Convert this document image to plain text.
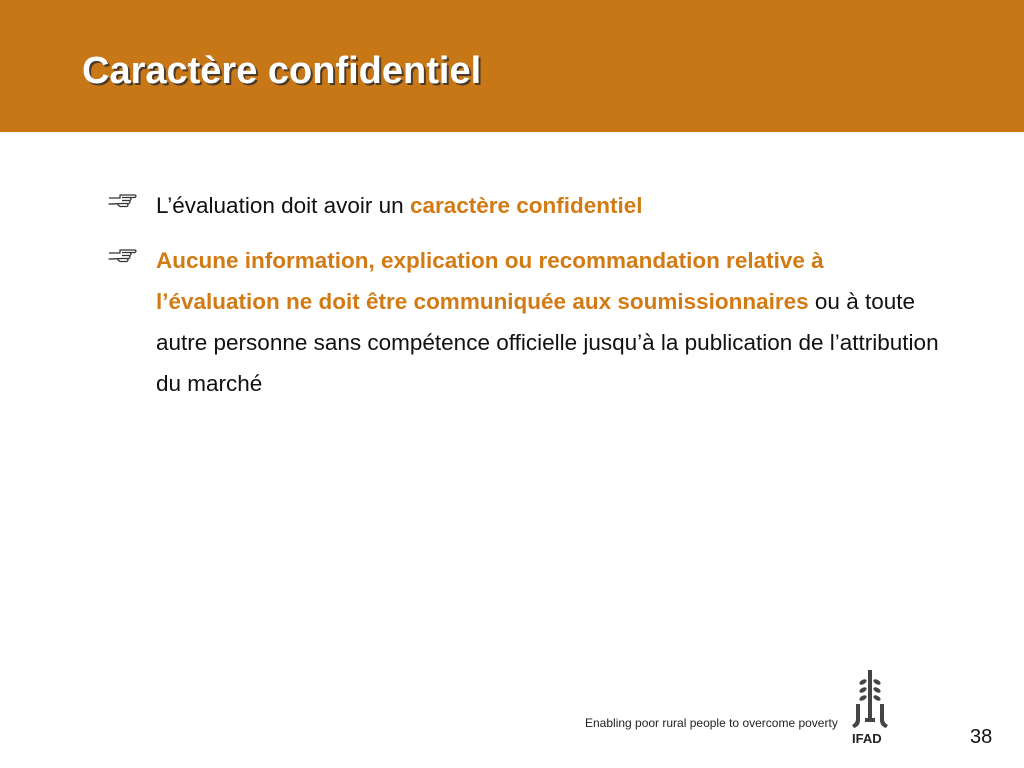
Caractère confidentiel
L’évaluation doit avoir un caractère confidentiel
Aucune information, explication ou recommandation relative à l’évaluation ne doit être communiquée aux soumissionnaires ou à toute autre personne sans compétence officielle jusqu’à la publication de l’attribution du marché
Enabling poor rural people to overcome poverty
IFAD	38
